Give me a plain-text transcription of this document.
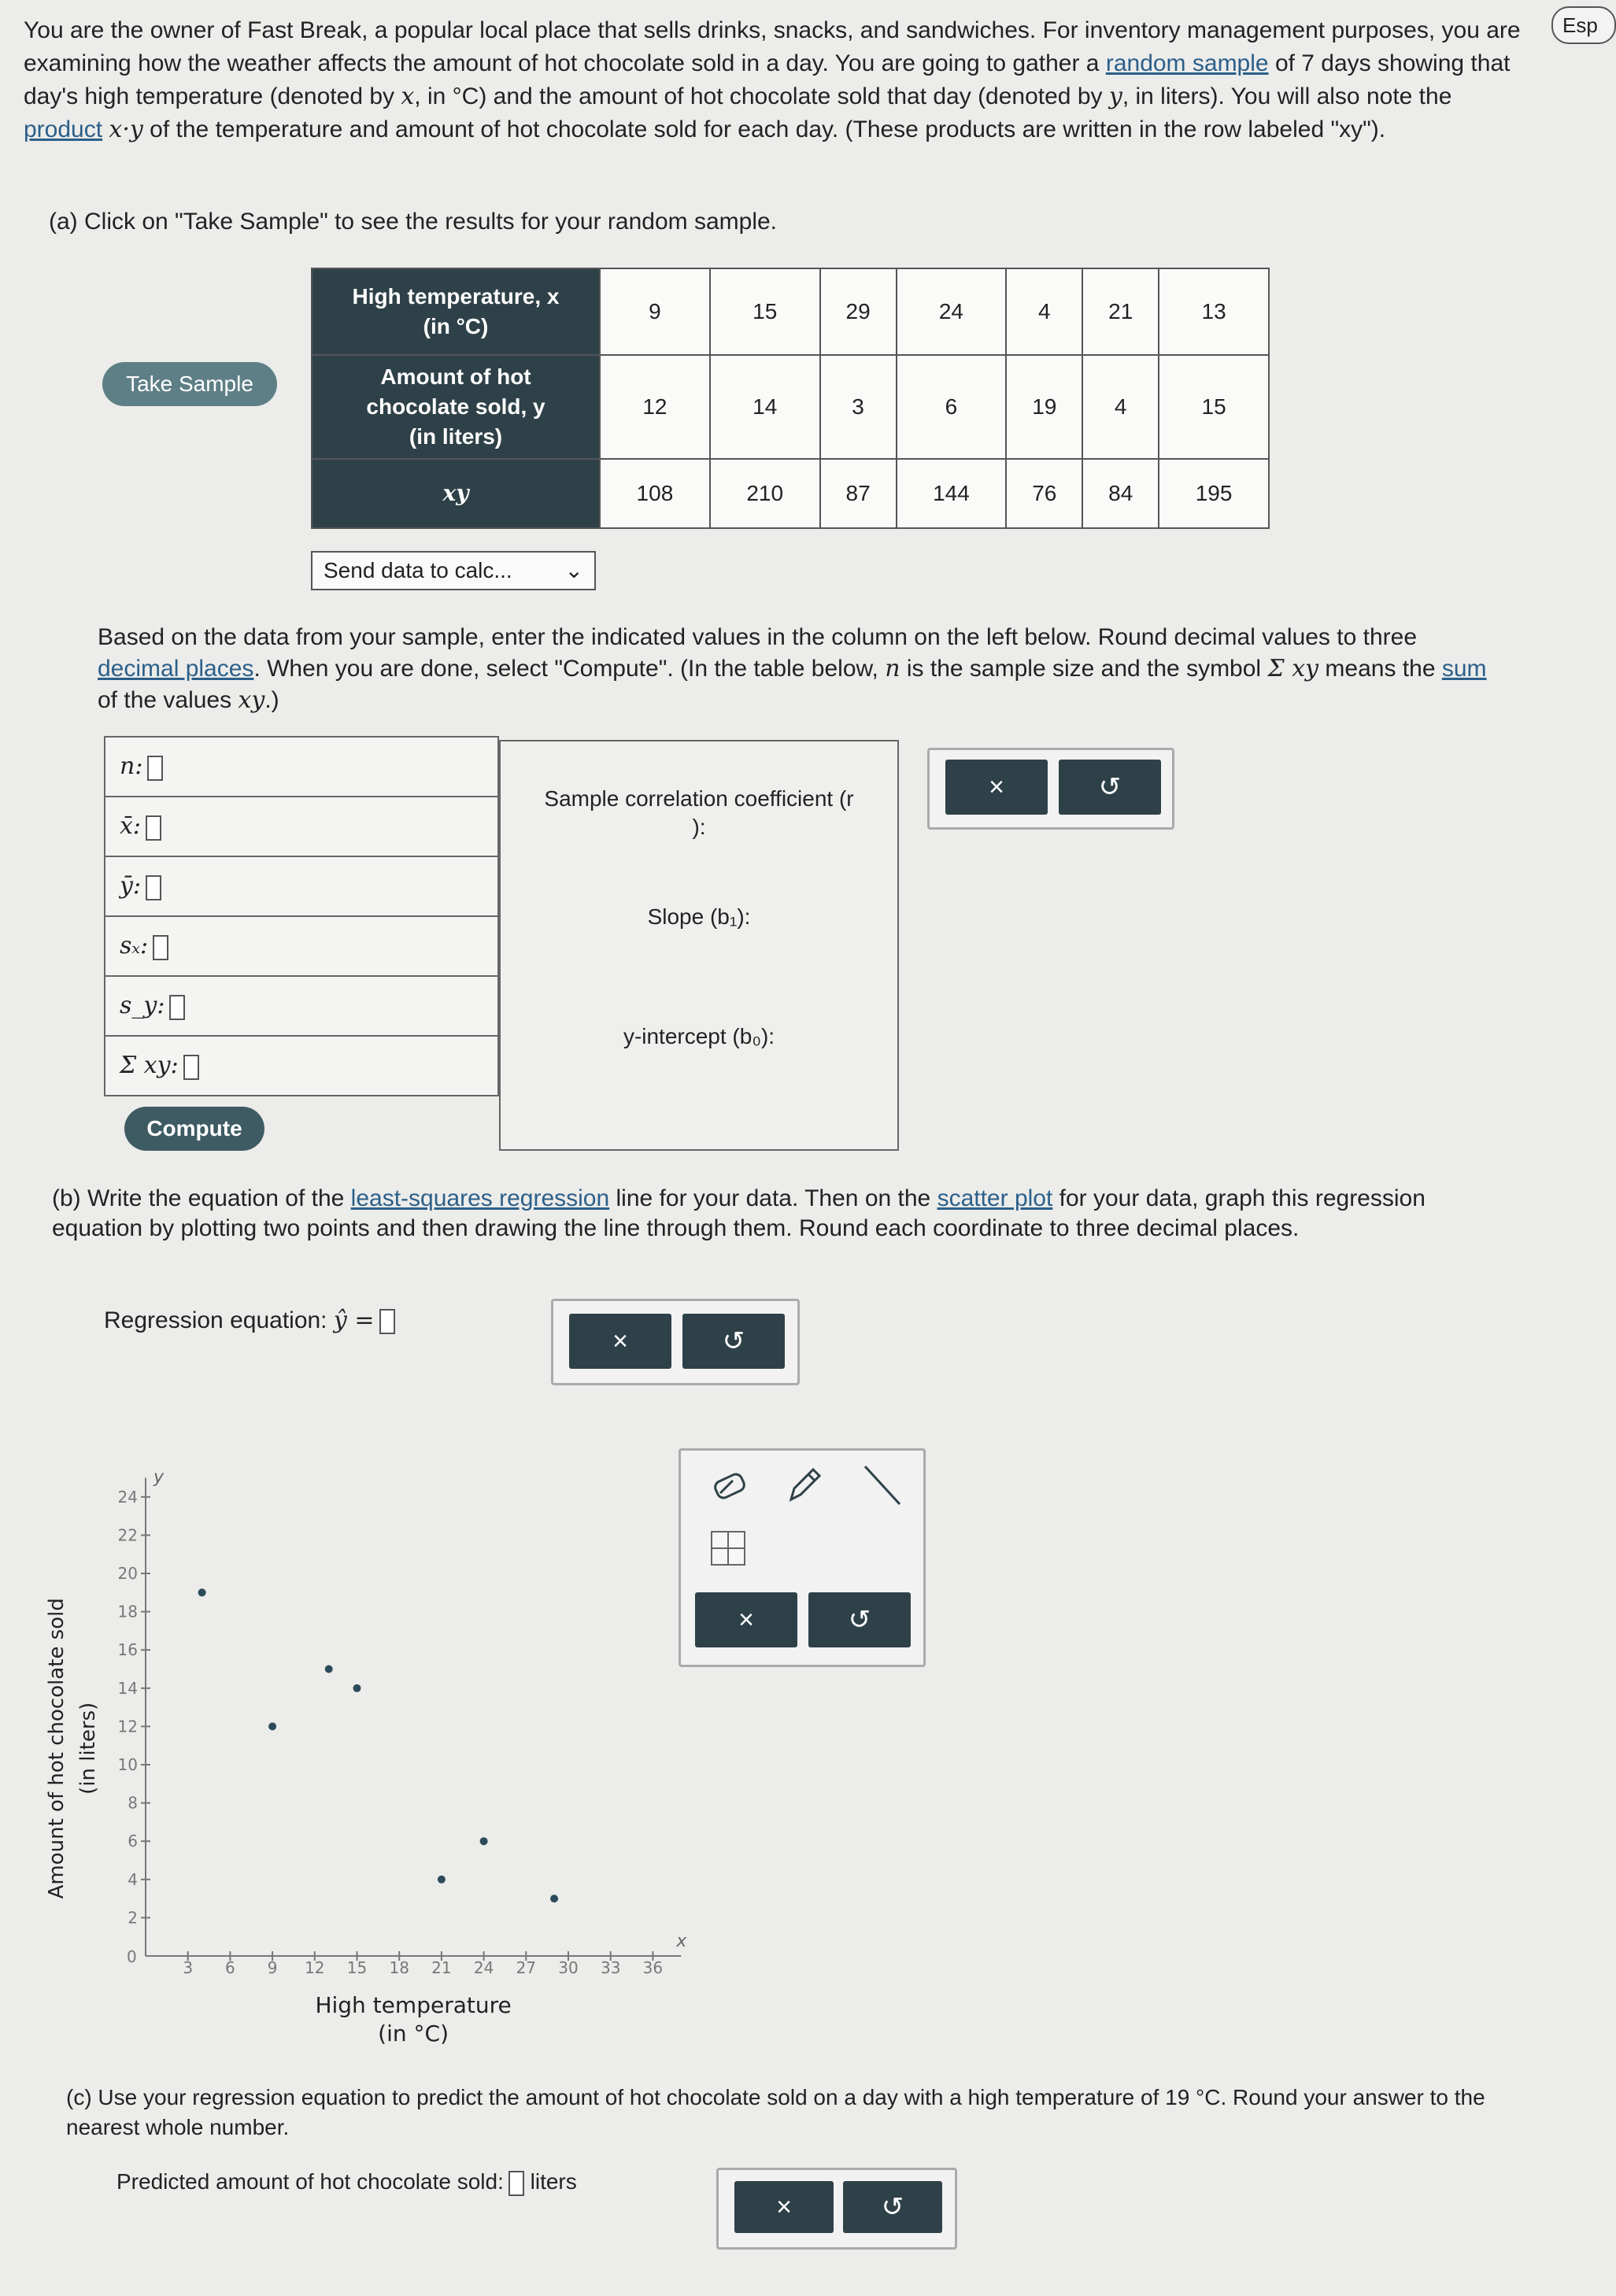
Esp
You are the owner of Fast Break, a popular local place that sells drinks, snacks, and sandwiches. For inventory management purposes, you are examining how the weather affects the amount of hot chocolate sold in a day. You are going to gather a random sample of 7 days showing that day's high temperature (denoted by x, in °C) and the amount of hot chocolate sold that day (denoted by y, in liters). You will also note the product x·y of the temperature and amount of hot chocolate sold for each day. (These products are written in the row labeled "xy").
(a) Click on "Take Sample" to see the results for your random sample.
Take Sample
High temperature, x
(in °C)	9	15	29	24	4	21	13

Amount of hot
chocolate sold, y
(in liters)	12	14	3	6	19	4	15
xy	108	210	87	144	76	84	195
Send data to calc... ⌄
Based on the data from your sample, enter the indicated values in the column on the left below. Round decimal values to three decimal places. When you are done, select "Compute". (In the table below, n is the sample size and the symbol Σ xy means the sum of the values xy.)
n:
x̄:
ȳ:
sₓ:
s_y:
Σ xy:

Compute
Sample correlation coefficient (r
):
Slope (b₁):
y-intercept (b₀):
×	↺
(b) Write the equation of the least-squares regression line for your data. Then on the scatter plot for your data, graph this regression equation by plotting two points and then drawing the line through them. Round each coordinate to three decimal places.
Regression equation: ŷ =
×	↺
x
y
0
3 6 9 12 15 18 21 24 27 30 33 36
2
4
6
8
10
12
14
16
18
20
22
24
High temperature
(in °C)
Amount of hot chocolate sold (in liters)
×	↺
(c) Use your regression equation to predict the amount of hot chocolate sold on a day with a high temperature of 19 °C. Round your answer to the nearest whole number.
Predicted amount of hot chocolate sold: liters
×	↺
